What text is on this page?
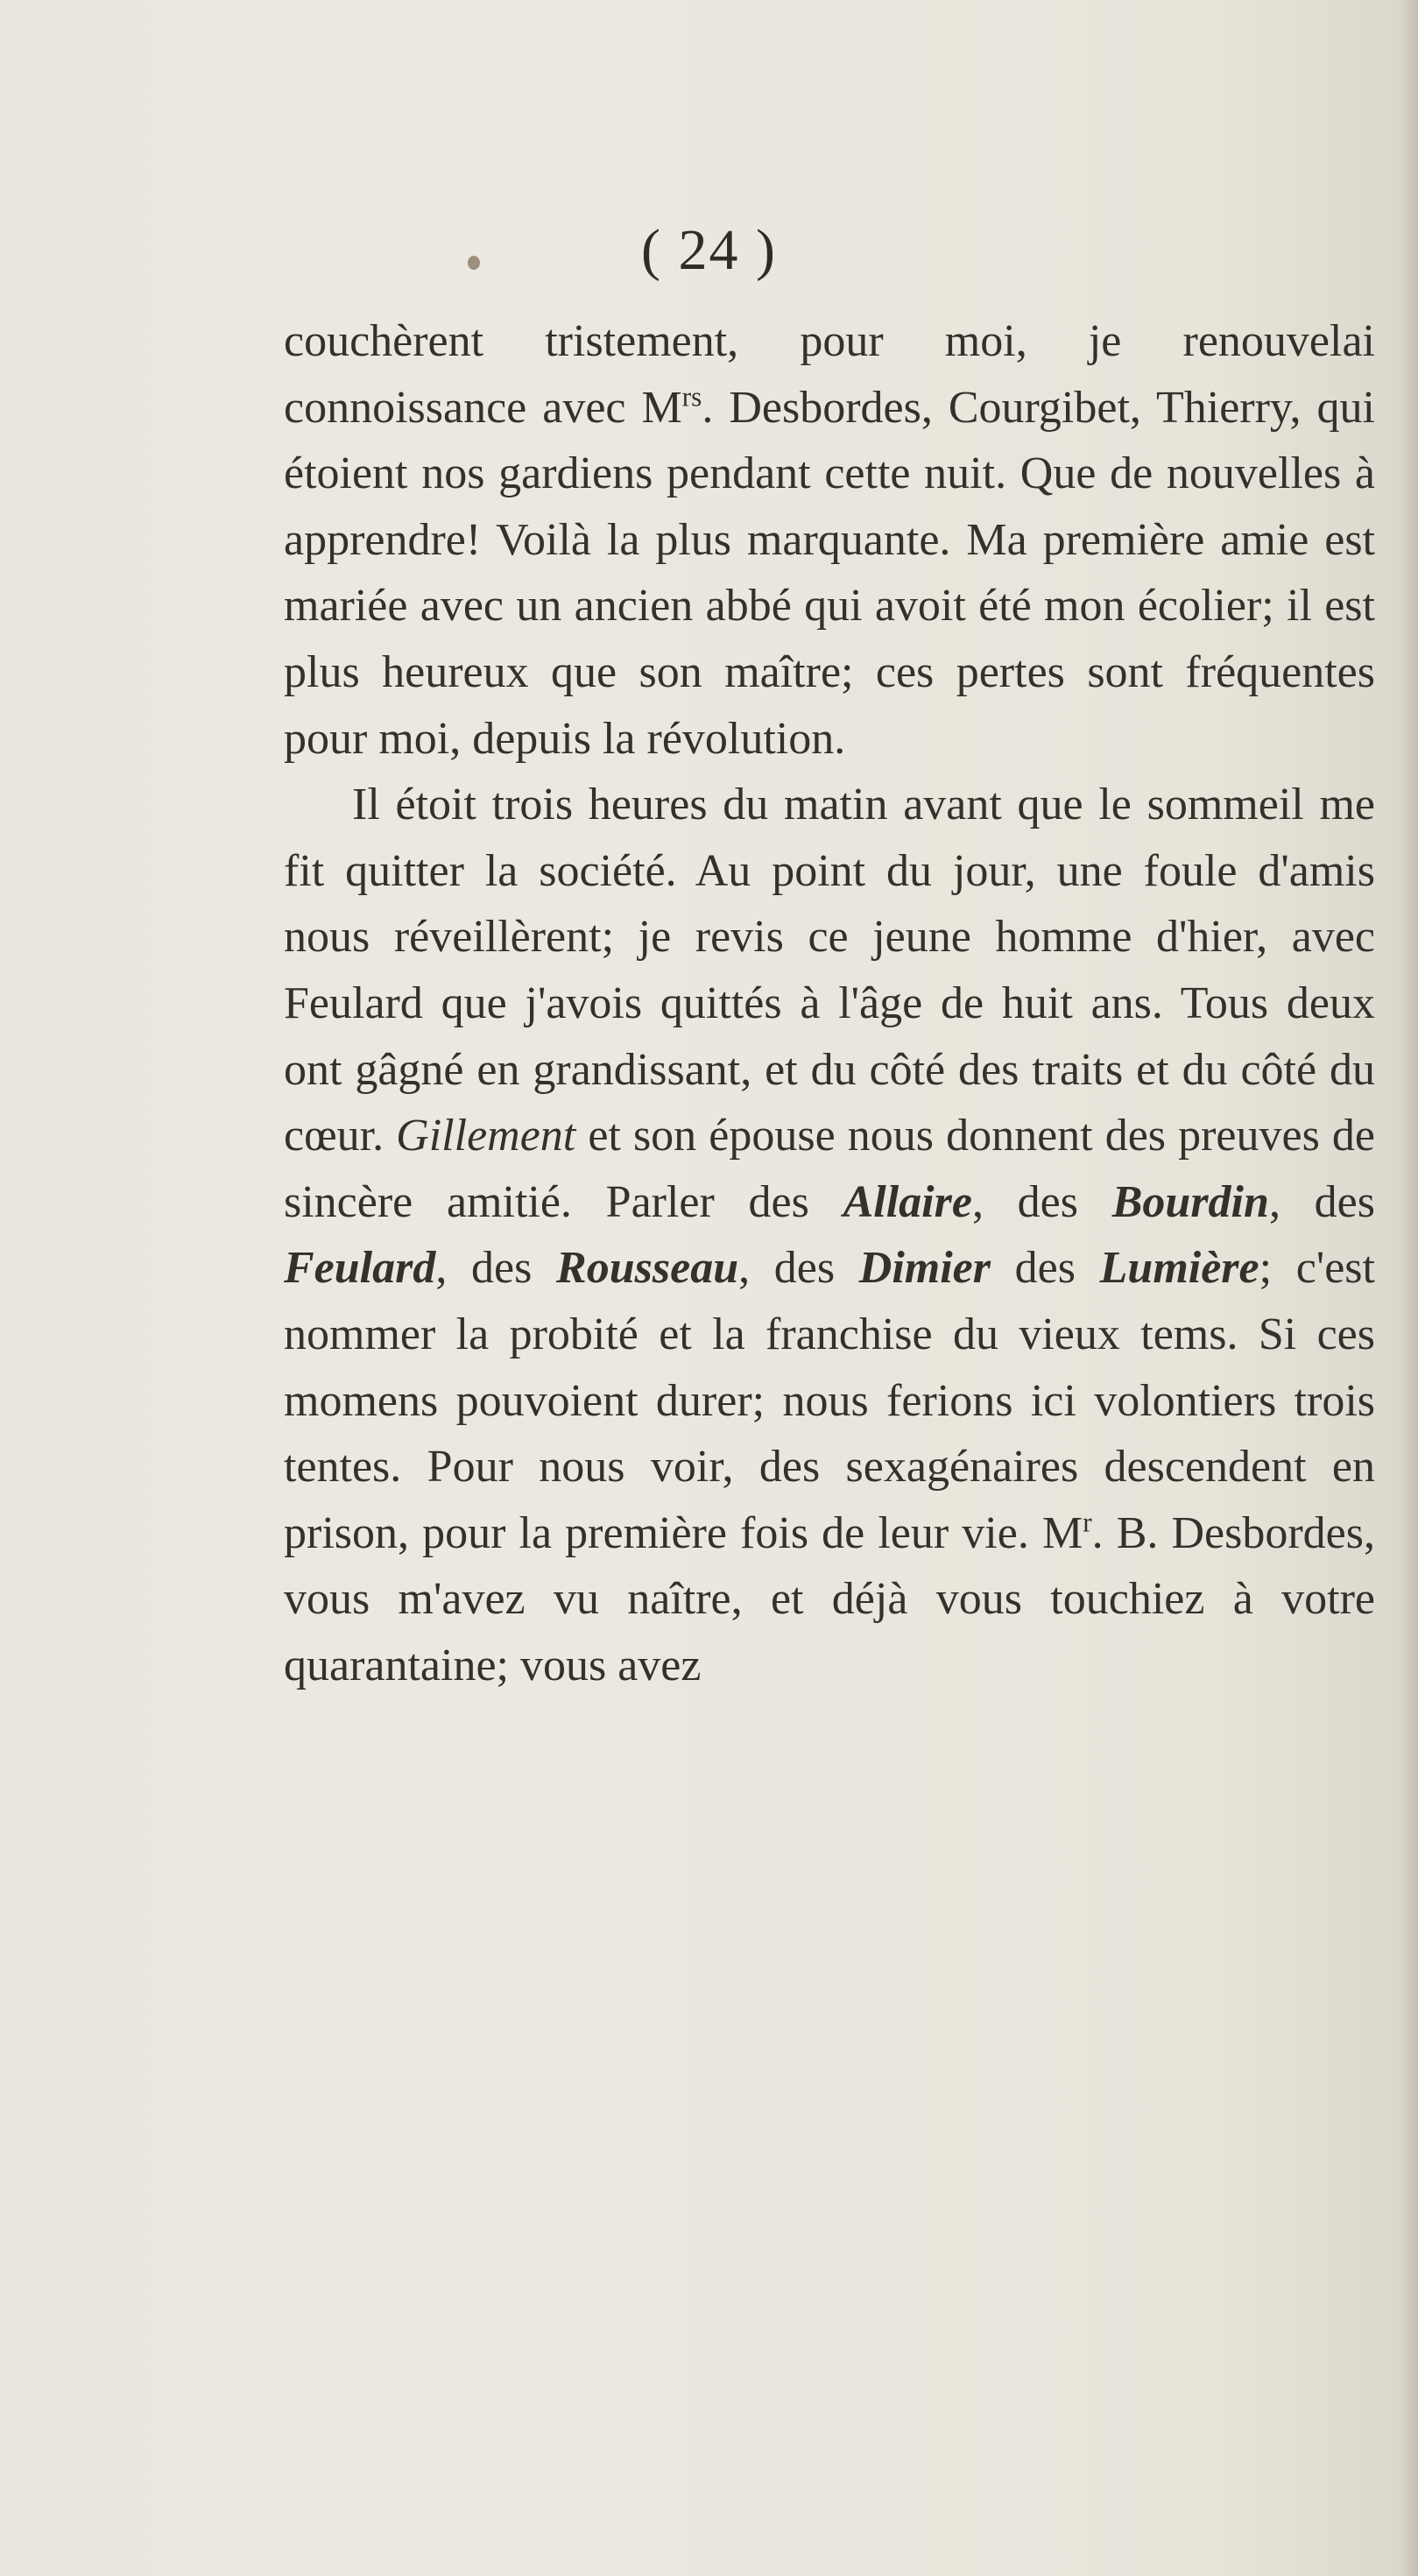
( 24 )

couchèrent tristement, pour moi, je renouvelai connoissance avec $M^{rs}$. Desbordes, Courgibet, Thierry, qui étoient nos gardiens pendant cette nuit. Que de nouvelles à apprendre! Voilà la plus marquante. Ma première amie est mariée avec un ancien abbé qui avoit été mon écolier; il est plus heureux que son maître; ces pertes sont fréquentes pour moi, depuis la révolution.

Il étoit trois heures du matin avant que le sommeil me fit quitter la société. Au point du jour, une foule d'amis nous réveillèrent; je revis ce jeune homme d'hier, avec Feulard que j'avois quittés à l'âge de huit ans. Tous deux ont gâgné en grandissant, et du côté des traits et du côté du cœur. Gillement et son épouse nous donnent des preuves de sincère amitié. Parler des Allaire, des Bourdin, des Feulard, des Rousseau, des Dimier des Lumière; c'est nommer la probité et la franchise du vieux tems. Si ces momens pouvoient durer; nous ferions ici volontiers trois tentes. Pour nous voir, des sexagénaires descendent en prison, pour la première fois de leur vie. $M^r$. B. Desbordes, vous m'avez vu naître, et déjà vous touchiez à votre quarantaine; vous avez
